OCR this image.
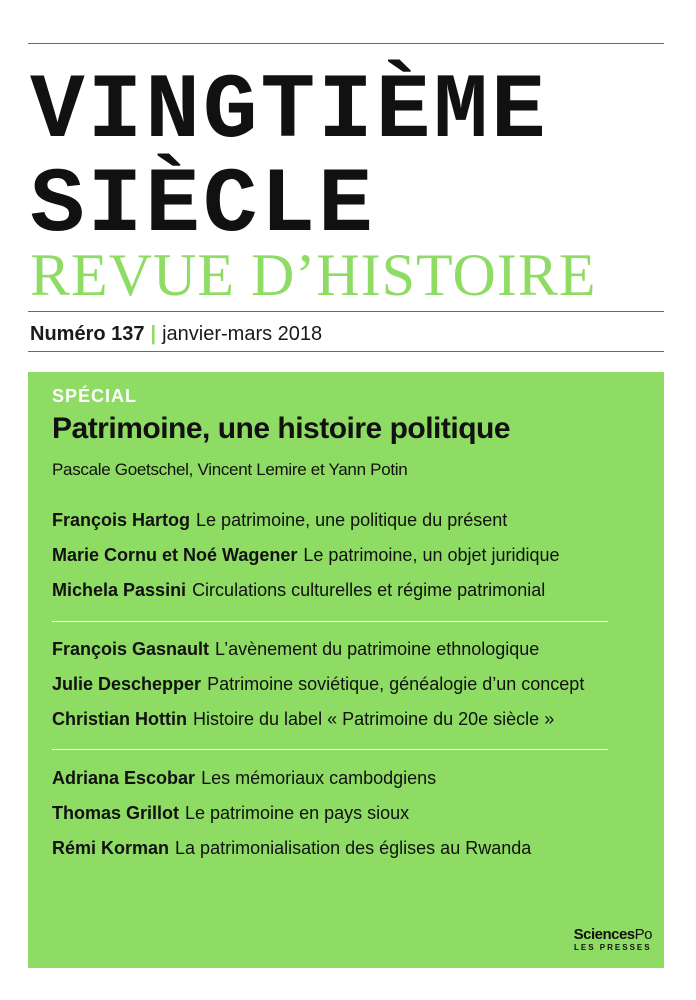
VINGTIÈME
SIÈCLE
REVUE D’HISTOIRE
Numéro 137 | janvier-mars 2018
SPÉCIAL
Patrimoine, une histoire politique
Pascale Goetschel, Vincent Lemire et Yann Potin
François Hartog Le patrimoine, une politique du présent
Marie Cornu et Noé Wagener Le patrimoine, un objet juridique
Michela Passini Circulations culturelles et régime patrimonial
François Gasnault L’avènement du patrimoine ethnologique
Julie Deschepper Patrimoine soviétique, généalogie d’un concept
Christian Hottin Histoire du label « Patrimoine du 20e siècle »
Adriana Escobar Les mémoriaux cambodgiens
Thomas Grillot Le patrimoine en pays sioux
Rémi Korman La patrimonialisation des églises au Rwanda
SciencesPo
LES PRESSES
